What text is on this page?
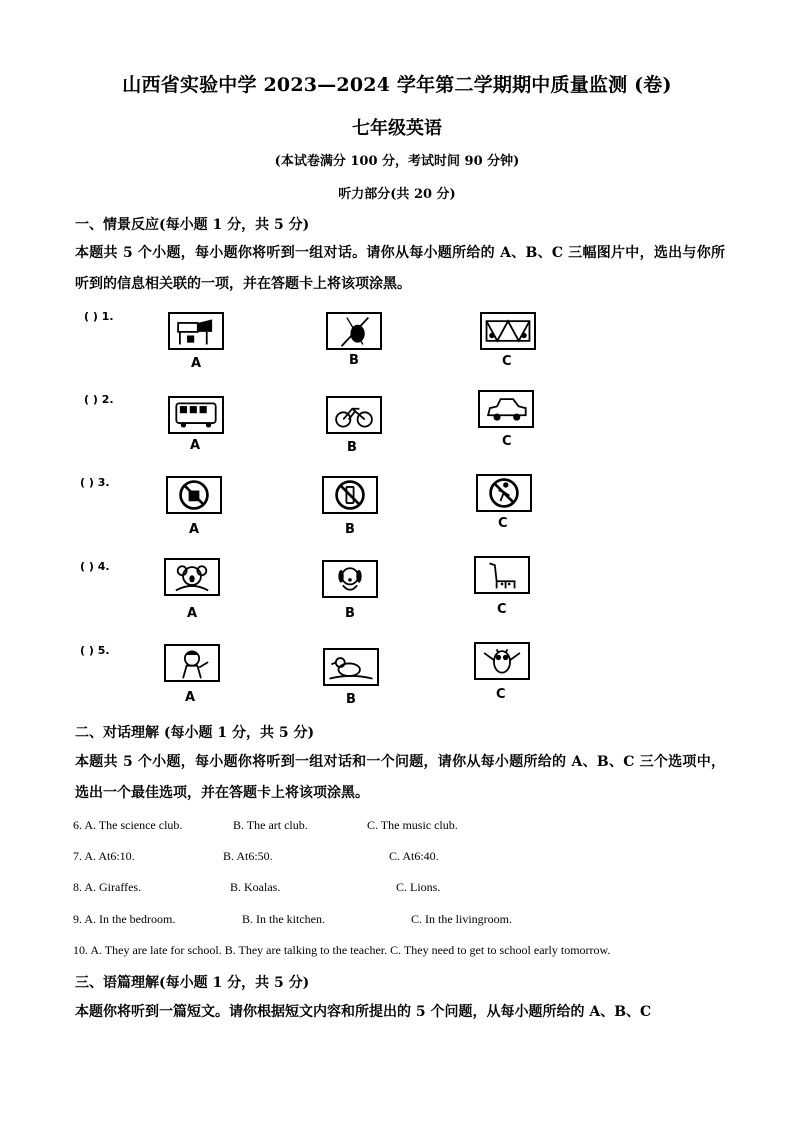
山西省实验中学 2023—2024 学年第二学期期中质量监测 (卷)
七年级英语
(本试卷满分 100 分，考试时间 90 分钟)
听力部分(共 20 分)
一、情景反应(每小题 1 分，共 5 分)
本题共 5 个小题，每小题你将听到一组对话。请你从每小题所给的 A、B、C 三幅图片中，选出与你所听到的信息相关联的一项，并在答题卡上将该项涂黑。
( ) 1.
A	B	C
( ) 2.
A	B	C
( ) 3.
A	B	C
( ) 4.
A	B	C
( ) 5.
A	B	C
二、对话理解 (每小题 1 分，共 5 分)
本题共 5 个小题，每小题你将听到一组对话和一个问题，请你从每小题所给的 A、B、C 三个选项中，选出一个最佳选项，并在答题卡上将该项涂黑。
6. A. The science club.	B. The art club.	C. The music club.
7. A. At6:10.	B. At6:50.	C. At6:40.
8. A. Giraffes.	B. Koalas.	C. Lions.
9. A. In the bedroom.	B. In the kitchen.	C. In the livingroom.
10. A. They are late for school. B. They are talking to the teacher. C. They need to get to school early tomorrow.
三、语篇理解(每小题 1 分，共 5 分)
本题你将听到一篇短文。请你根据短文内容和所提出的 5 个问题，从每小题所给的 A、B、C
